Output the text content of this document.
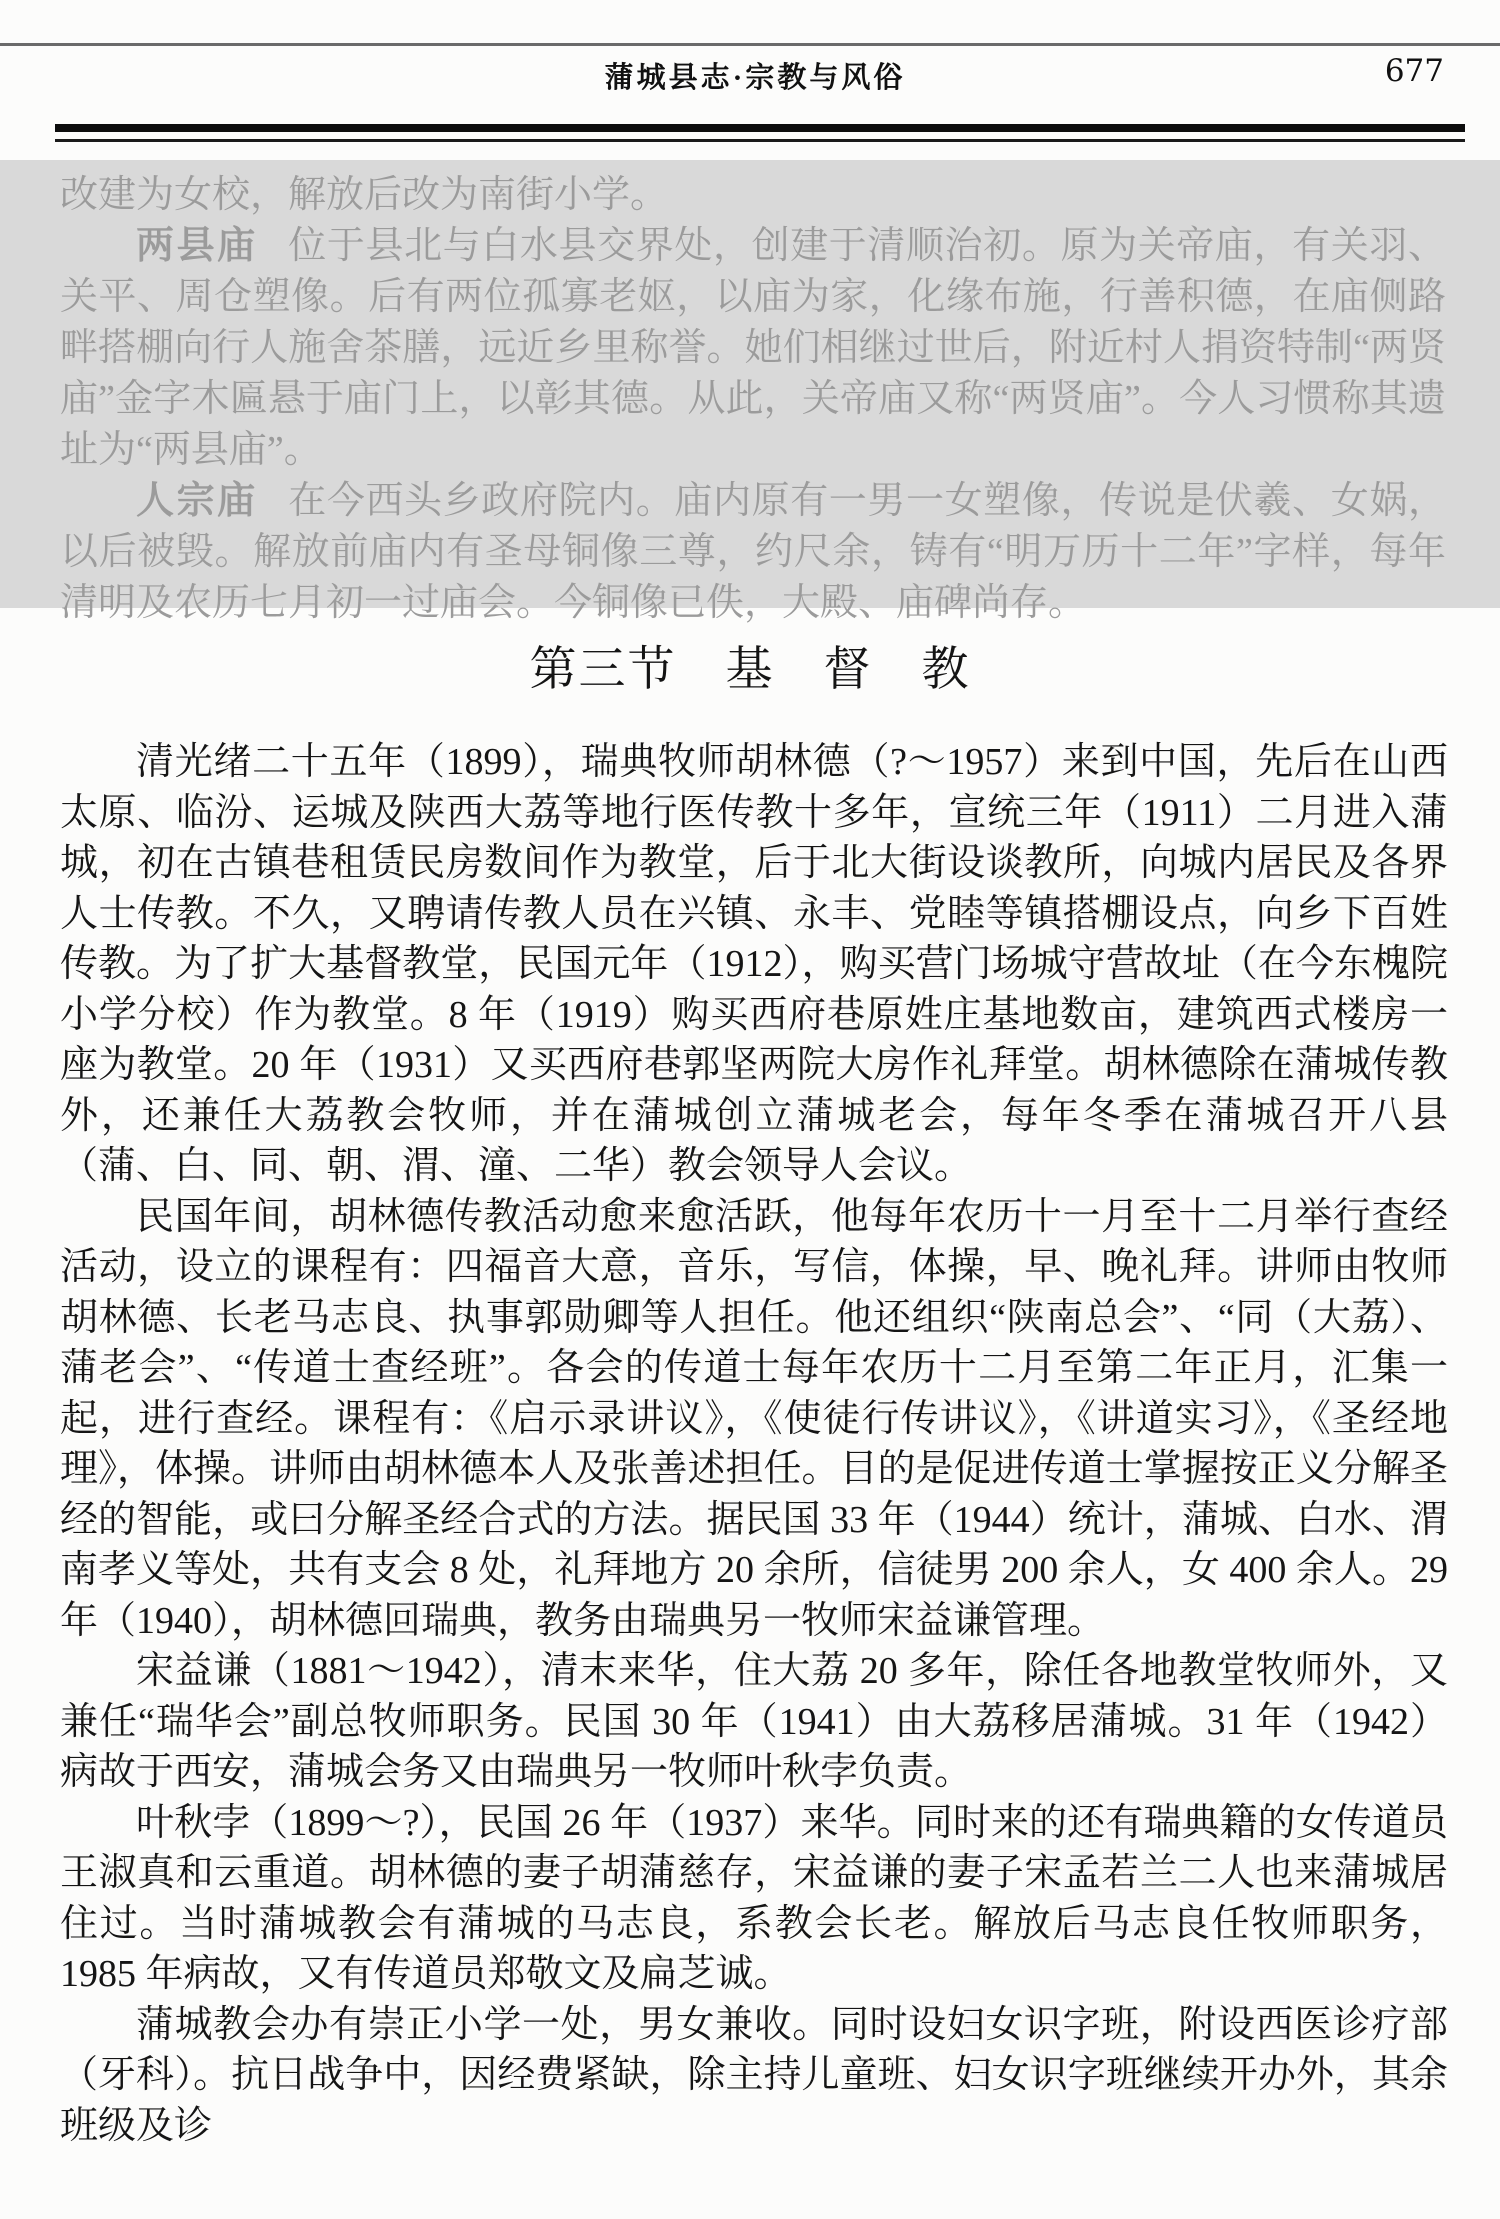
蒲城县志·宗教与风俗	677

改建为女校，解放后改为南街小学。

两县庙 位于县北与白水县交界处，创建于清顺治初。原为关帝庙，有关羽、关平、周仓塑像。后有两位孤寡老妪，以庙为家，化缘布施，行善积德，在庙侧路畔搭棚向行人施舍茶膳，远近乡里称誉。她们相继过世后，附近村人捐资特制“两贤庙”金字木匾悬于庙门上，以彰其德。从此，关帝庙又称“两贤庙”。今人习惯称其遗址为“两县庙”。

人宗庙 在今西头乡政府院内。庙内原有一男一女塑像，传说是伏羲、女娲，以后被毁。解放前庙内有圣母铜像三尊，约尺余，铸有“明万历十二年”字样，每年清明及农历七月初一过庙会。今铜像已佚，大殿、庙碑尚存。

第三节　基　督　教

清光绪二十五年（1899），瑞典牧师胡林德（?～1957）来到中国，先后在山西太原、临汾、运城及陕西大荔等地行医传教十多年，宣统三年（1911）二月进入蒲城，初在古镇巷租赁民房数间作为教堂，后于北大街设谈教所，向城内居民及各界人士传教。不久，又聘请传教人员在兴镇、永丰、党睦等镇搭棚设点，向乡下百姓传教。为了扩大基督教堂，民国元年（1912），购买营门场城守营故址（在今东槐院小学分校）作为教堂。8 年（1919）购买西府巷原姓庄基地数亩，建筑西式楼房一座为教堂。20 年（1931）又买西府巷郭坚两院大房作礼拜堂。胡林德除在蒲城传教外，还兼任大荔教会牧师，并在蒲城创立蒲城老会，每年冬季在蒲城召开八县（蒲、白、同、朝、渭、潼、二华）教会领导人会议。

民国年间，胡林德传教活动愈来愈活跃，他每年农历十一月至十二月举行查经活动，设立的课程有：四福音大意，音乐，写信，体操，早、晚礼拜。讲师由牧师胡林德、长老马志良、执事郭勋卿等人担任。他还组织“陕南总会”、“同（大荔）、蒲老会”、“传道士查经班”。各会的传道士每年农历十二月至第二年正月，汇集一起，进行查经。课程有：《启示录讲议》，《使徒行传讲议》，《讲道实习》，《圣经地理》，体操。讲师由胡林德本人及张善述担任。目的是促进传道士掌握按正义分解圣经的智能，或曰分解圣经合式的方法。据民国 33 年（1944）统计，蒲城、白水、渭南孝义等处，共有支会 8 处，礼拜地方 20 余所，信徒男 200 余人，女 400 余人。29 年（1940），胡林德回瑞典，教务由瑞典另一牧师宋益谦管理。

宋益谦（1881～1942），清末来华，住大荔 20 多年，除任各地教堂牧师外，又兼任“瑞华会”副总牧师职务。民国 30 年（1941）由大荔移居蒲城。31 年（1942）病故于西安，蒲城会务又由瑞典另一牧师叶秋孛负责。

叶秋孛（1899～?），民国 26 年（1937）来华。同时来的还有瑞典籍的女传道员王淑真和云重道。胡林德的妻子胡蒲慈存，宋益谦的妻子宋孟若兰二人也来蒲城居住过。当时蒲城教会有蒲城的马志良，系教会长老。解放后马志良任牧师职务，1985 年病故，又有传道员郑敬文及扁芝诚。

蒲城教会办有崇正小学一处，男女兼收。同时设妇女识字班，附设西医诊疗部（牙科）。抗日战争中，因经费紧缺，除主持儿童班、妇女识字班继续开办外，其余班级及诊
